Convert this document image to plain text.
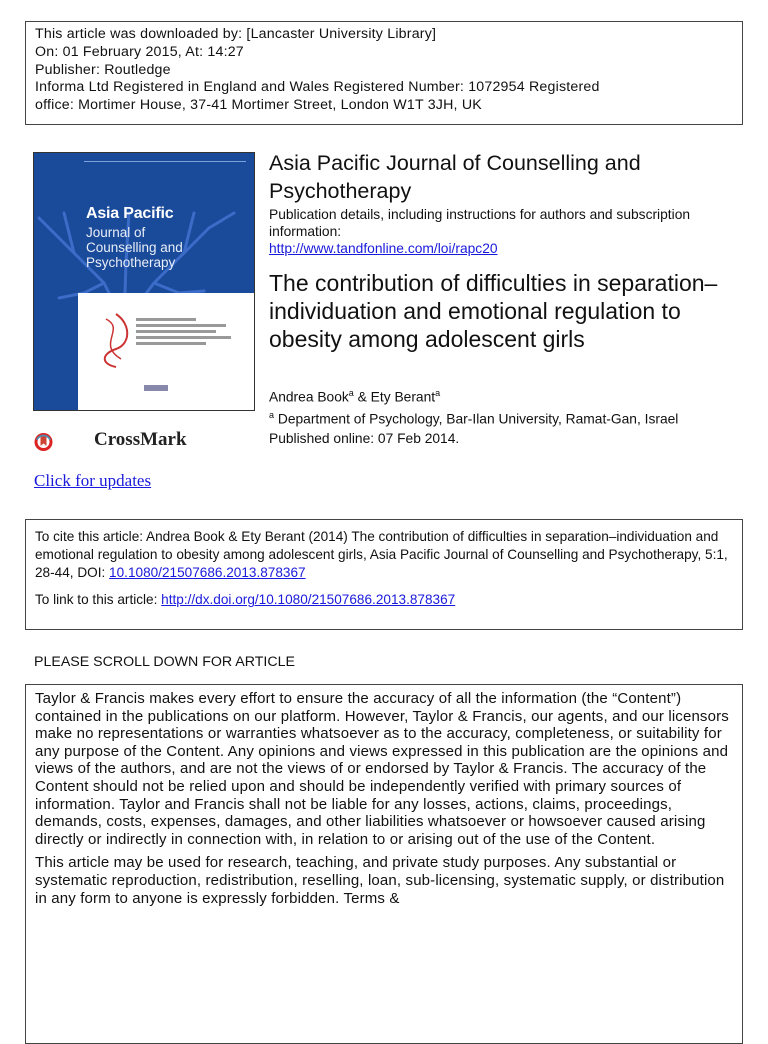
This article was downloaded by: [Lancaster University Library]
On: 01 February 2015, At: 14:27
Publisher: Routledge
Informa Ltd Registered in England and Wales Registered Number: 1072954 Registered
office: Mortimer House, 37-41 Mortimer Street, London W1T 3JH, UK
Asia Pacific
Journal of
Counselling and
Psychotherapy
CrossMark
Click for updates
Asia Pacific Journal of Counselling and Psychotherapy
Publication details, including instructions for authors and subscription information:
http://www.tandfonline.com/loi/rapc20
The contribution of difficulties in separation–individuation and emotional regulation to obesity among adolescent girls
Andrea Book$^a$ & Ety Berant$^a$
$^a$ Department of Psychology, Bar-Ilan University, Ramat-Gan, Israel
Published online: 07 Feb 2014.
To cite this article: Andrea Book & Ety Berant (2014) The contribution of difficulties in separation–individuation and emotional regulation to obesity among adolescent girls, Asia Pacific Journal of Counselling and Psychotherapy, 5:1, 28-44, DOI: 10.1080/21507686.2013.878367
To link to this article: http://dx.doi.org/10.1080/21507686.2013.878367
PLEASE SCROLL DOWN FOR ARTICLE

Taylor & Francis makes every effort to ensure the accuracy of all the information (the “Content”) contained in the publications on our platform. However, Taylor & Francis, our agents, and our licensors make no representations or warranties whatsoever as to the accuracy, completeness, or suitability for any purpose of the Content. Any opinions and views expressed in this publication are the opinions and views of the authors, and are not the views of or endorsed by Taylor & Francis. The accuracy of the Content should not be relied upon and should be independently verified with primary sources of information. Taylor and Francis shall not be liable for any losses, actions, claims, proceedings, demands, costs, expenses, damages, and other liabilities whatsoever or howsoever caused arising directly or indirectly in connection with, in relation to or arising out of the use of the Content.

This article may be used for research, teaching, and private study purposes. Any substantial or systematic reproduction, redistribution, reselling, loan, sub-licensing, systematic supply, or distribution in any form to anyone is expressly forbidden. Terms &
